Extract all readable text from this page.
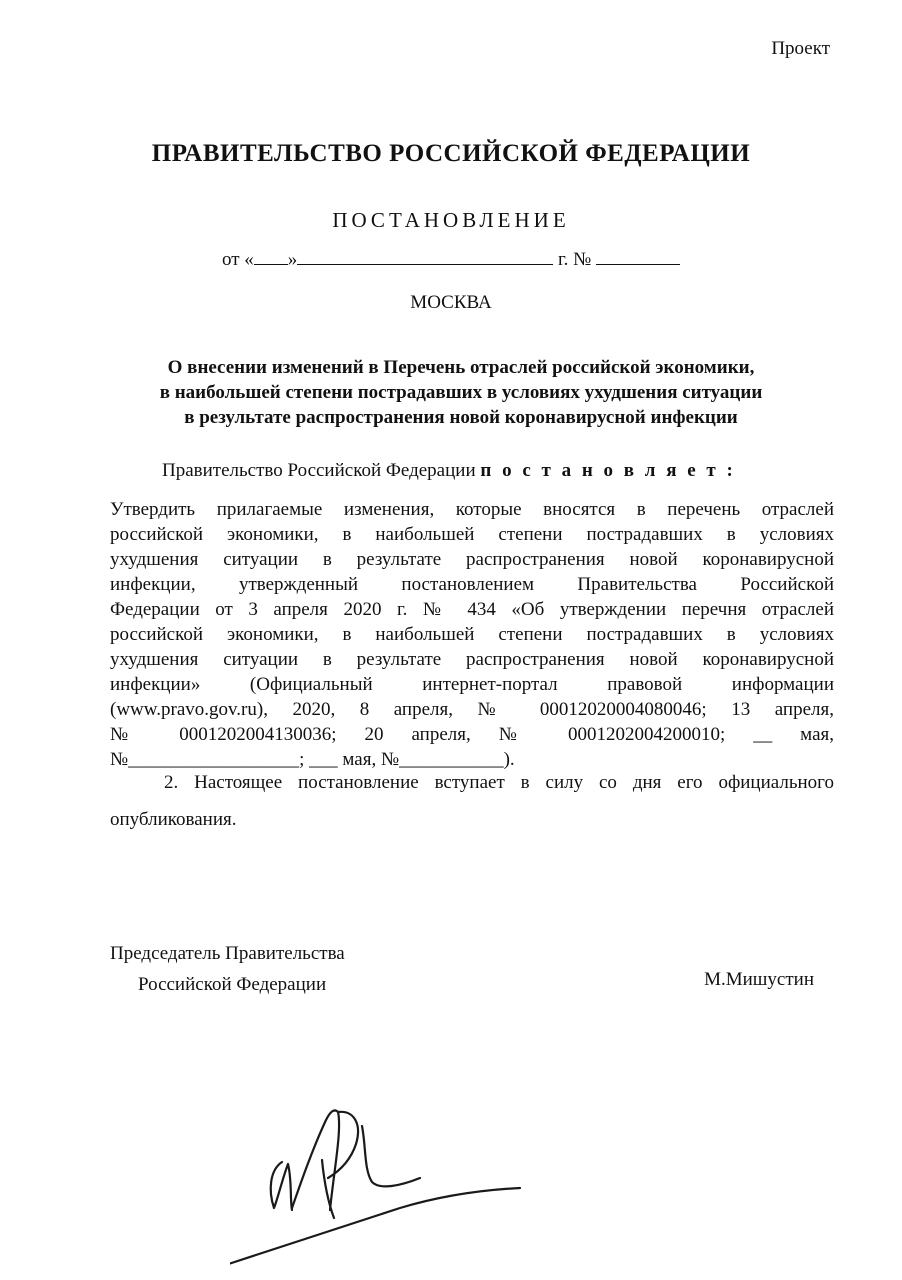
Проект
ПРАВИТЕЛЬСТВО РОССИЙСКОЙ ФЕДЕРАЦИИ
ПОСТАНОВЛЕНИЕ
от « »	г. №
МОСКВА
О внесении изменений в Перечень отраслей российской экономики,
в наибольшей степени пострадавших в условиях ухудшения ситуации
в результате распространения новой коронавирусной инфекции
Правительство Российской Федерации п о с т а н о в л я е т :
Утвердить прилагаемые изменения, которые вносятся в перечень отраслей
российской экономики, в наибольшей степени пострадавших в условиях
ухудшения ситуации в результате распространения новой коронавирусной
инфекции, утвержденный постановлением Правительства Российской
Федерации от 3 апреля 2020 г. № 434 «Об утверждении перечня отраслей
российской экономики, в наибольшей степени пострадавших в условиях
ухудшения ситуации в результате распространения новой коронавирусной
инфекции» (Официальный интернет-портал правовой информации
(www.pravo.gov.ru), 2020, 8 апреля, № 00012020004080046; 13 апреля,
№ 0001202004130036; 20 апреля, № 0001202004200010; __ мая,
№__________________; ___ мая, №___________).
2. Настоящее постановление вступает в силу со дня его официального
опубликования.
Председатель Правительства
Российской Федерации	М.Мишустин
